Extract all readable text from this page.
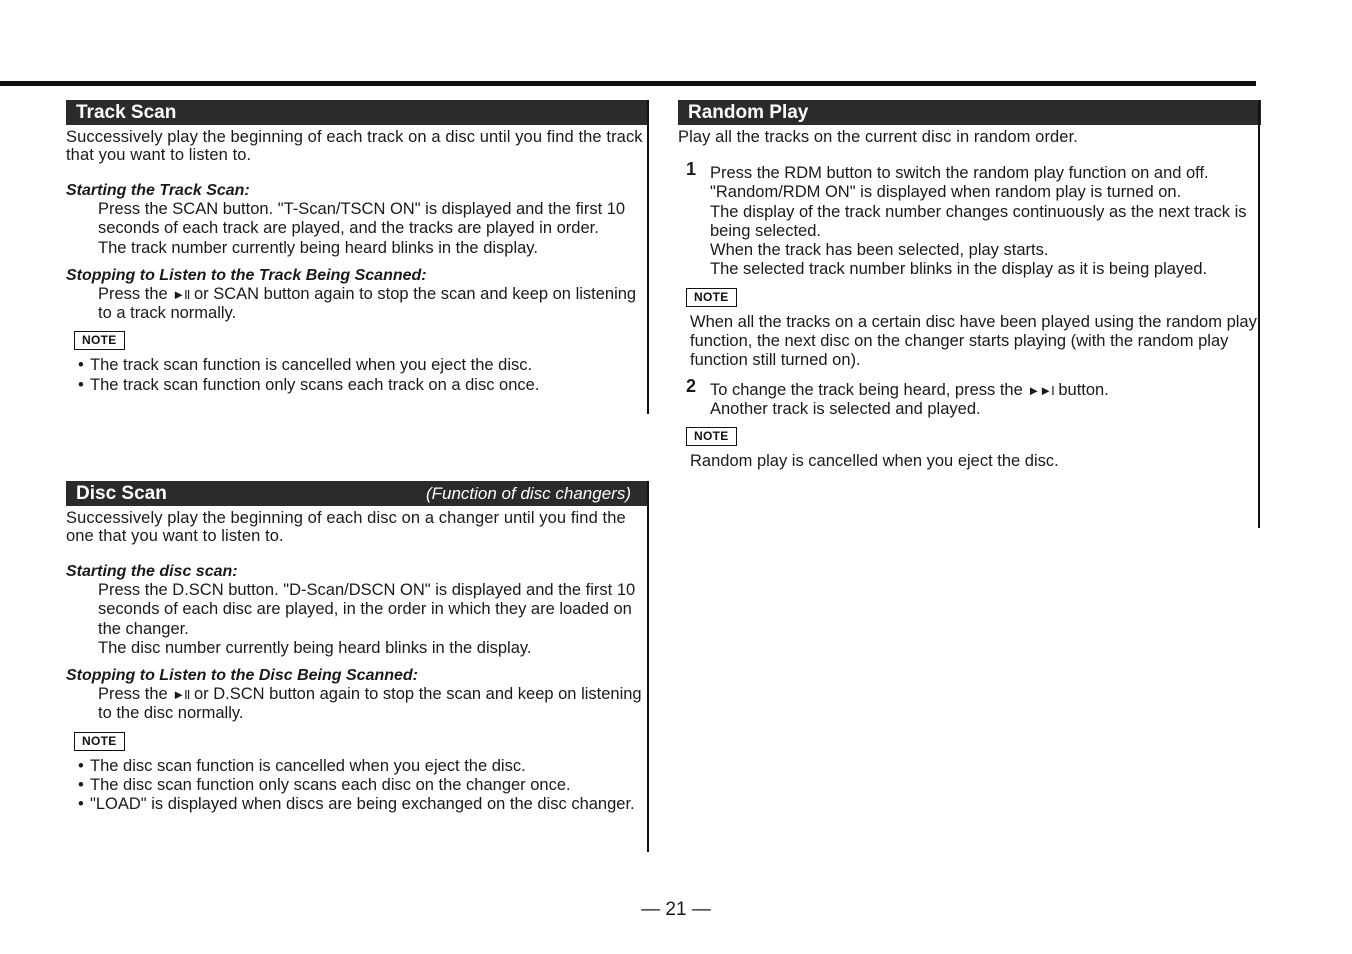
Track Scan

Successively play the beginning of each track on a disc until you find the track that you want to listen to.

Starting the Track Scan:

Press the SCAN button. "T-Scan/TSCN ON" is displayed and the first 10 seconds of each track are played, and the tracks are played in order.
The track number currently being heard blinks in the display.

Stopping to Listen to the Track Being Scanned:

Press the ►II or SCAN button again to stop the scan and keep on listening to a track normally.
NOTE
• The track scan function is cancelled when you eject the disc.
• The track scan function only scans each track on a disc once.
Disc Scan	(Function of disc changers)

Successively play the beginning of each disc on a changer until you find the one that you want to listen to.

Starting the disc scan:

Press the D.SCN button. "D-Scan/DSCN ON" is displayed and the first 10 seconds of each disc are played, in the order in which they are loaded on the changer.
The disc number currently being heard blinks in the display.

Stopping to Listen to the Disc Being Scanned:

Press the ►II or D.SCN button again to stop the scan and keep on listening to the disc normally.
NOTE
• The disc scan function is cancelled when you eject the disc.
• The disc scan function only scans each disc on the changer once.
• "LOAD" is displayed when discs are being exchanged on the disc changer.
Random Play

Play all the tracks on the current disc in random order.

1 Press the RDM button to switch the random play function on and off.
"Random/RDM ON" is displayed when random play is turned on.
The display of the track number changes continuously as the next track is being selected.
When the track has been selected, play starts.
The selected track number blinks in the display as it is being played.
NOTE
When all the tracks on a certain disc have been played using the random play function, the next disc on the changer starts playing (with the random play function still turned on).
2 To change the track being heard, press the ►►I button.
Another track is selected and played.
NOTE
Random play is cancelled when you eject the disc.
— 21 —
